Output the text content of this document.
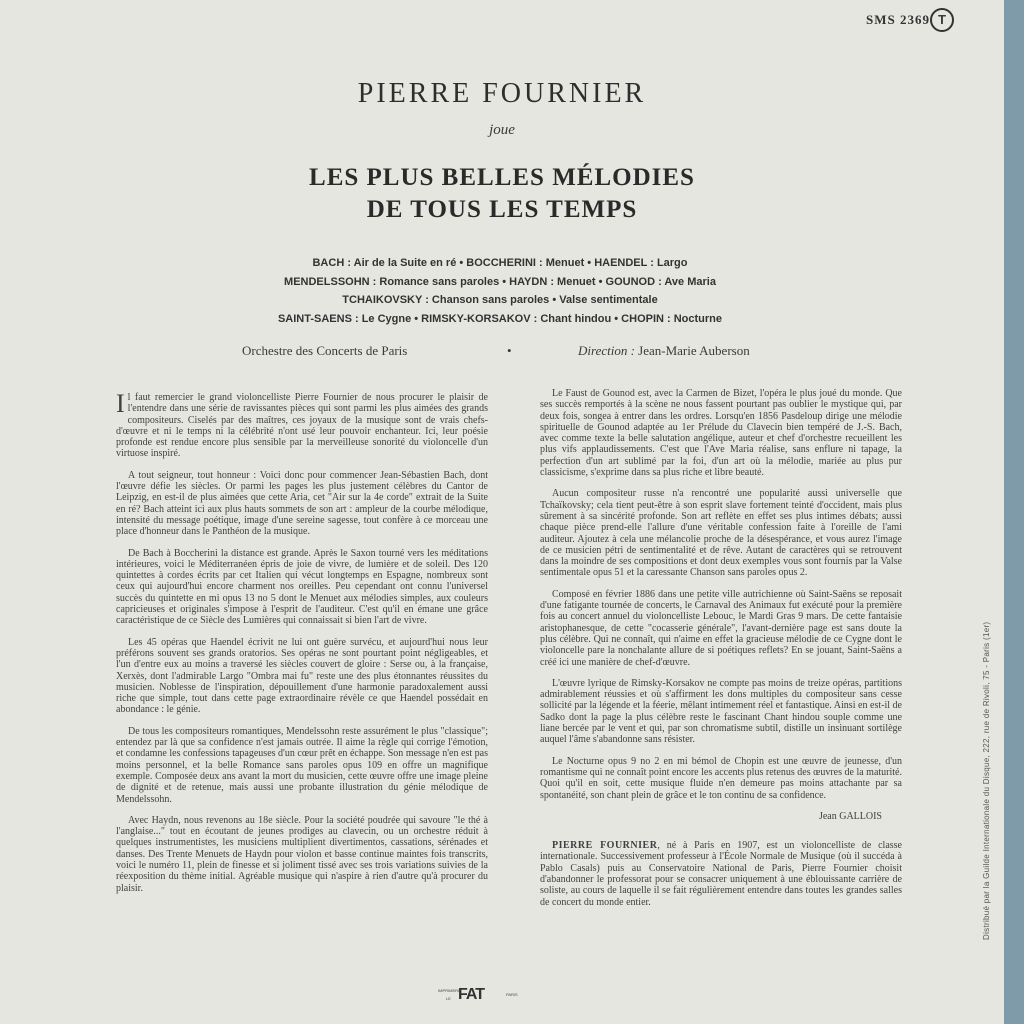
SMS 2369 T
PIERRE FOURNIER
joue
LES PLUS BELLES MÉLODIES
DE TOUS LES TEMPS
BACH : Air de la Suite en ré • BOCCHERINI : Menuet • HAENDEL : Largo
MENDELSSOHN : Romance sans paroles • HAYDN : Menuet • GOUNOD : Ave Maria
TCHAIKOVSKY : Chanson sans paroles • Valse sentimentale
SAINT-SAENS : Le Cygne • RIMSKY-KORSAKOV : Chant hindou • CHOPIN : Nocturne
Orchestre des Concerts de Paris	•	Direction : Jean-Marie Auberson

Il faut remercier le grand violoncelliste Pierre Fournier de nous procurer le plaisir de l'entendre dans une série de ravissantes pièces qui sont parmi les plus aimées des grands compositeurs. Ciselés par des maîtres, ces joyaux de la musique sont de vrais chefs-d'œuvre et ni le temps ni la célébrité n'ont usé leur pouvoir enchanteur. Ici, leur poésie profonde est rendue encore plus sensible par la merveilleuse sonorité du violoncelle d'un virtuose inspiré.

A tout seigneur, tout honneur : Voici donc pour commencer Jean-Sébastien Bach, dont l'œuvre défie les siècles. Or parmi les pages les plus justement célèbres du Cantor de Leipzig, en est-il de plus aimées que cette Aria, cet "Air sur la 4e corde" extrait de la Suite en ré? Bach atteint ici aux plus hauts sommets de son art : ampleur de la courbe mélodique, intensité du message poétique, image d'une sereine sagesse, tout confère à ce morceau une place d'honneur dans le Panthéon de la musique.

De Bach à Boccherini la distance est grande. Après le Saxon tourné vers les méditations intérieures, voici le Méditerranéen épris de joie de vivre, de lumière et de soleil. Des 120 quintettes à cordes écrits par cet Italien qui vécut longtemps en Espagne, nombreux sont ceux qui aujourd'hui encore charment nos oreilles. Peu cependant ont connu l'universel succès du quintette en mi opus 13 no 5 dont le Menuet aux mélodies simples, aux couleurs capricieuses et originales s'impose à l'esprit de l'auditeur. C'est qu'il en émane une grâce caractéristique de ce Siècle des Lumières qui connaissait si bien l'art de vivre.

Les 45 opéras que Haendel écrivit ne lui ont guère survécu, et aujourd'hui nous leur préférons souvent ses grands oratorios. Ses opéras ne sont pourtant point négligeables, et l'un d'entre eux au moins a traversé les siècles couvert de gloire : Serse ou, à la française, Xerxès, dont l'admirable Largo "Ombra mai fu" reste une des plus étonnantes réussites du musicien. Noblesse de l'inspiration, dépouillement d'une harmonie paradoxalement aussi riche que simple, tout dans cette page extraordinaire révèle ce que Haendel possédait en abondance : le génie.

De tous les compositeurs romantiques, Mendelssohn reste assurément le plus "classique"; entendez par là que sa confidence n'est jamais outrée. Il aime la règle qui corrige l'émotion, et condamne les confessions tapageuses d'un cœur prêt en échappe. Son message n'en est pas moins personnel, et la belle Romance sans paroles opus 109 en offre un magnifique exemple. Composée deux ans avant la mort du musicien, cette œuvre offre une image pleine de dignité et de retenue, mais aussi une probante illustration du génie mélodique de Mendelssohn.

Avec Haydn, nous revenons au 18e siècle. Pour la société poudrée qui savoure "le thé à l'anglaise..." tout en écoutant de jeunes prodiges au clavecin, ou un orchestre réduit à quelques instrumentistes, les musiciens multiplient divertimentos, cassations, sérénades et danses. Des Trente Menuets de Haydn pour violon et basse continue maintes fois transcrits, voici le numéro 11, plein de finesse et si joliment tissé avec ses trois variations suivies de la réexposition du thème initial. Agréable musique qui n'aspire à rien d'autre qu'à procurer du plaisir.

Le Faust de Gounod est, avec la Carmen de Bizet, l'opéra le plus joué du monde. Que ses succès remportés à la scène ne nous fassent pourtant pas oublier le mystique qui, par deux fois, songea à entrer dans les ordres. Lorsqu'en 1856 Pasdeloup dirige une mélodie spirituelle de Gounod adaptée au 1er Prélude du Clavecin bien tempéré de J.-S. Bach, avec comme texte la belle salutation angélique, auteur et chef d'orchestre recueillent les plus vifs applaudissements. C'est que l'Ave Maria réalise, sans enflure ni tapage, la perfection d'un art sublimé par la foi, d'un art où la mélodie, mariée au plus pur classicisme, s'exprime dans sa plus riche et libre beauté.

Aucun compositeur russe n'a rencontré une popularité aussi universelle que Tchaïkovsky; cela tient peut-être à son esprit slave fortement teinté d'occident, mais plus sûrement à sa sincérité profonde. Son art reflète en effet ses plus intimes débats; aussi chaque pièce prend-elle l'allure d'une véritable confession faite à l'oreille de l'ami auditeur. Ajoutez à cela une mélancolie proche de la désespérance, et vous aurez l'image de ce musicien pétri de sentimentalité et de rêve. Autant de caractères qui se retrouvent dans la moindre de ses compositions et dont deux exemples vous sont fournis par la Valse sentimentale opus 51 et la caressante Chanson sans paroles opus 2.

Composé en février 1886 dans une petite ville autrichienne où Saint-Saëns se reposait d'une fatigante tournée de concerts, le Carnaval des Animaux fut exécuté pour la première fois au concert annuel du violoncelliste Lebouc, le Mardi Gras 9 mars. De cette fantaisie aristophanesque, de cette "cocasserie générale", l'avant-dernière page est sans doute la plus célèbre. Qui ne connaît, qui n'aime en effet la gracieuse mélodie de ce Cygne dont le violoncelle pare la nonchalante allure de si poétiques reflets? En se jouant, Saint-Saëns a créé ici une manière de chef-d'œuvre.

L'œuvre lyrique de Rimsky-Korsakov ne compte pas moins de treize opéras, partitions admirablement réussies et où s'affirment les dons multiples du compositeur sans cesse sollicité par la légende et la féerie, mêlant intimement réel et fantastique. Ainsi en est-il de Sadko dont la page la plus célèbre reste le fascinant Chant hindou souple comme une liane bercée par le vent et qui, par son chromatisme subtil, distille un insinuant sortilège auquel l'âme s'abandonne sans résister.

Le Nocturne opus 9 no 2 en mi bémol de Chopin est une œuvre de jeunesse, d'un romantisme qui ne connaît point encore les accents plus retenus des œuvres de la maturité. Quoi qu'il en soit, cette musique fluide n'en demeure pas moins attachante par sa spontanéité, son chant plein de grâce et le ton continu de sa confidence.

Jean GALLOIS

PIERRE FOURNIER, né à Paris en 1907, est un violoncelliste de classe internationale. Successivement professeur à l'École Normale de Musique (où il succéda à Pablo Casals) puis au Conservatoire National de Paris, Pierre Fournier choisit d'abandonner le professorat pour se consacrer uniquement à une éblouissante carrière de soliste, au cours de laquelle il se fait régulièrement entendre dans toutes les grandes salles de concert du monde entier.	Distribué par la Guilde Internationale du Disque, 222, rue de Rivoli, 75 - Paris (1er)
IMPRIMERIE
LE FAT	PARIS
